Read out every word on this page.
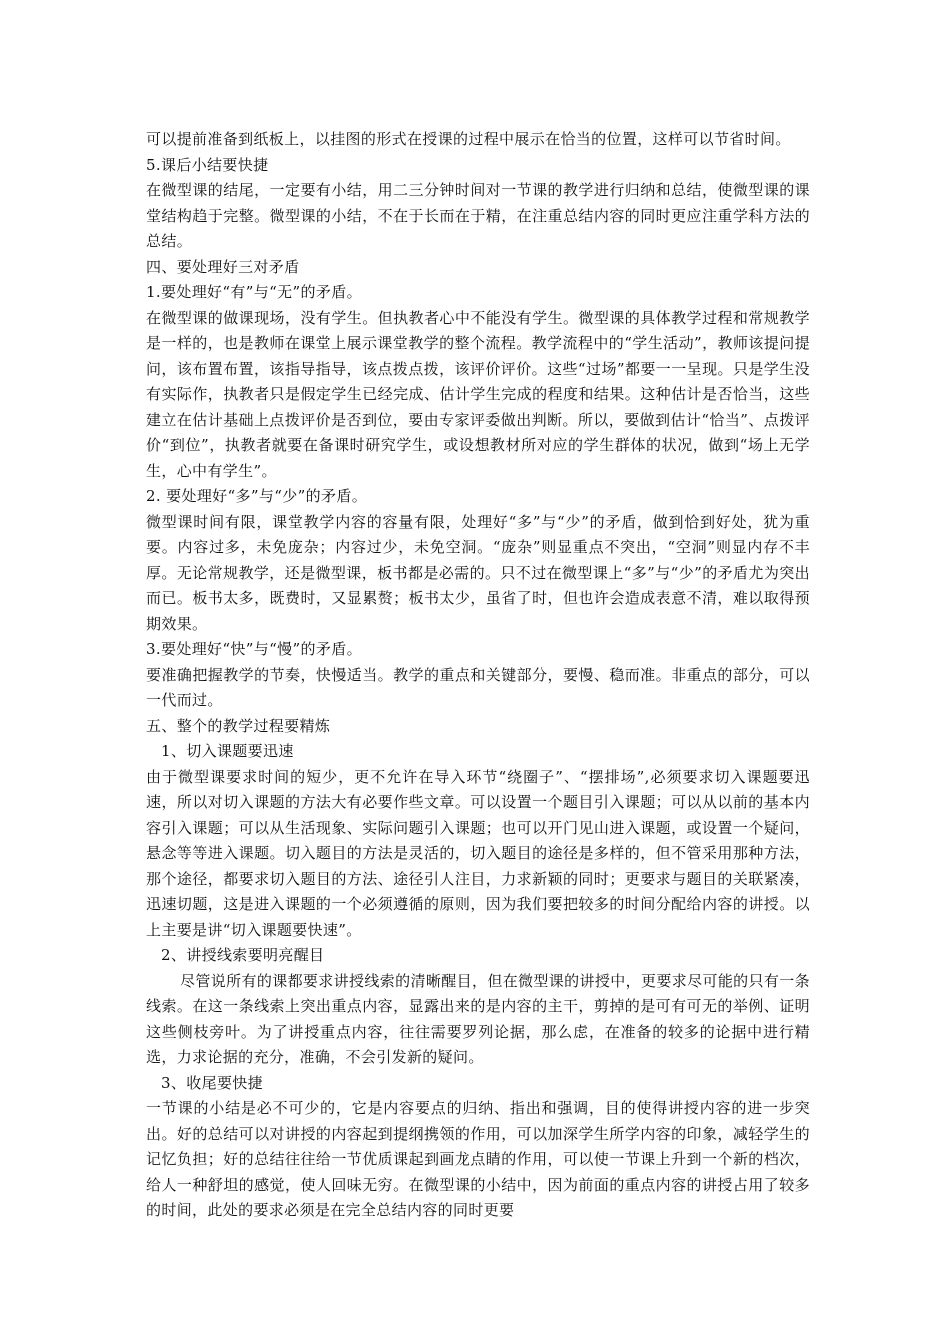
可以提前准备到纸板上，以挂图的形式在授课的过程中展示在恰当的位置，这样可以节省时间。

5.课后小结要快捷

在微型课的结尾，一定要有小结，用二三分钟时间对一节课的教学进行归纳和总结，使微型课的课堂结构趋于完整。微型课的小结，不在于长而在于精，在注重总结内容的同时更应注重学科方法的总结。

四、要处理好三对矛盾

1.要处理好“有”与“无”的矛盾。

在微型课的做课现场，没有学生。但执教者心中不能没有学生。微型课的具体教学过程和常规教学是一样的，也是教师在课堂上展示课堂教学的整个流程。教学流程中的“学生活动”，教师该提问提问，该布置布置，该指导指导，该点拨点拨，该评价评价。这些“过场”都要一一呈现。只是学生没有实际作，执教者只是假定学生已经完成、估计学生完成的程度和结果。这种估计是否恰当，这些建立在估计基础上点拨评价是否到位，要由专家评委做出判断。所以，要做到估计“恰当”、点拨评价“到位”，执教者就要在备课时研究学生，或设想教材所对应的学生群体的状况，做到“场上无学生，心中有学生”。

2. 要处理好“多”与“少”的矛盾。

微型课时间有限，课堂教学内容的容量有限，处理好“多”与“少”的矛盾，做到恰到好处，犹为重要。内容过多，未免庞杂；内容过少，未免空洞。“庞杂”则显重点不突出，“空洞”则显内存不丰厚。无论常规教学，还是微型课，板书都是必需的。只不过在微型课上“多”与“少”的矛盾尤为突出而已。板书太多，既费时，又显累赘；板书太少，虽省了时，但也许会造成表意不清，难以取得预期效果。

3.要处理好“快”与“慢”的矛盾。

要准确把握教学的节奏，快慢适当。教学的重点和关键部分，要慢、稳而准。非重点的部分，可以一代而过。

五、整个的教学过程要精炼

1、切入课题要迅速

由于微型课要求时间的短少，更不允许在导入环节“绕圈子”、“摆排场”,必须要求切入课题要迅速，所以对切入课题的方法大有必要作些文章。可以设置一个题目引入课题；可以从以前的基本内容引入课题；可以从生活现象、实际问题引入课题；也可以开门见山进入课题，或设置一个疑问，悬念等等进入课题。切入题目的方法是灵活的，切入题目的途径是多样的，但不管采用那种方法，那个途径，都要求切入题目的方法、途径引人注目，力求新颖的同时；更要求与题目的关联紧凑，迅速切题，这是进入课题的一个必须遵循的原则，因为我们要把较多的时间分配给内容的讲授。以上主要是讲“切入课题要快速”。

2、讲授线索要明亮醒目

尽管说所有的课都要求讲授线索的清晰醒目，但在微型课的讲授中，更要求尽可能的只有一条线索。在这一条线索上突出重点内容，显露出来的是内容的主干，剪掉的是可有可无的举例、证明这些侧枝旁叶。为了讲授重点内容，往往需要罗列论据，那么虑，在准备的较多的论据中进行精选，力求论据的充分，准确，不会引发新的疑问。

3、收尾要快捷

一节课的小结是必不可少的，它是内容要点的归纳、指出和强调，目的使得讲授内容的进一步突出。好的总结可以对讲授的内容起到提纲携领的作用，可以加深学生所学内容的印象，减轻学生的记忆负担；好的总结往往给一节优质课起到画龙点睛的作用，可以使一节课上升到一个新的档次，给人一种舒坦的感觉，使人回味无穷。在微型课的小结中，因为前面的重点内容的讲授占用了较多的时间，此处的要求必须是在完全总结内容的同时更要
